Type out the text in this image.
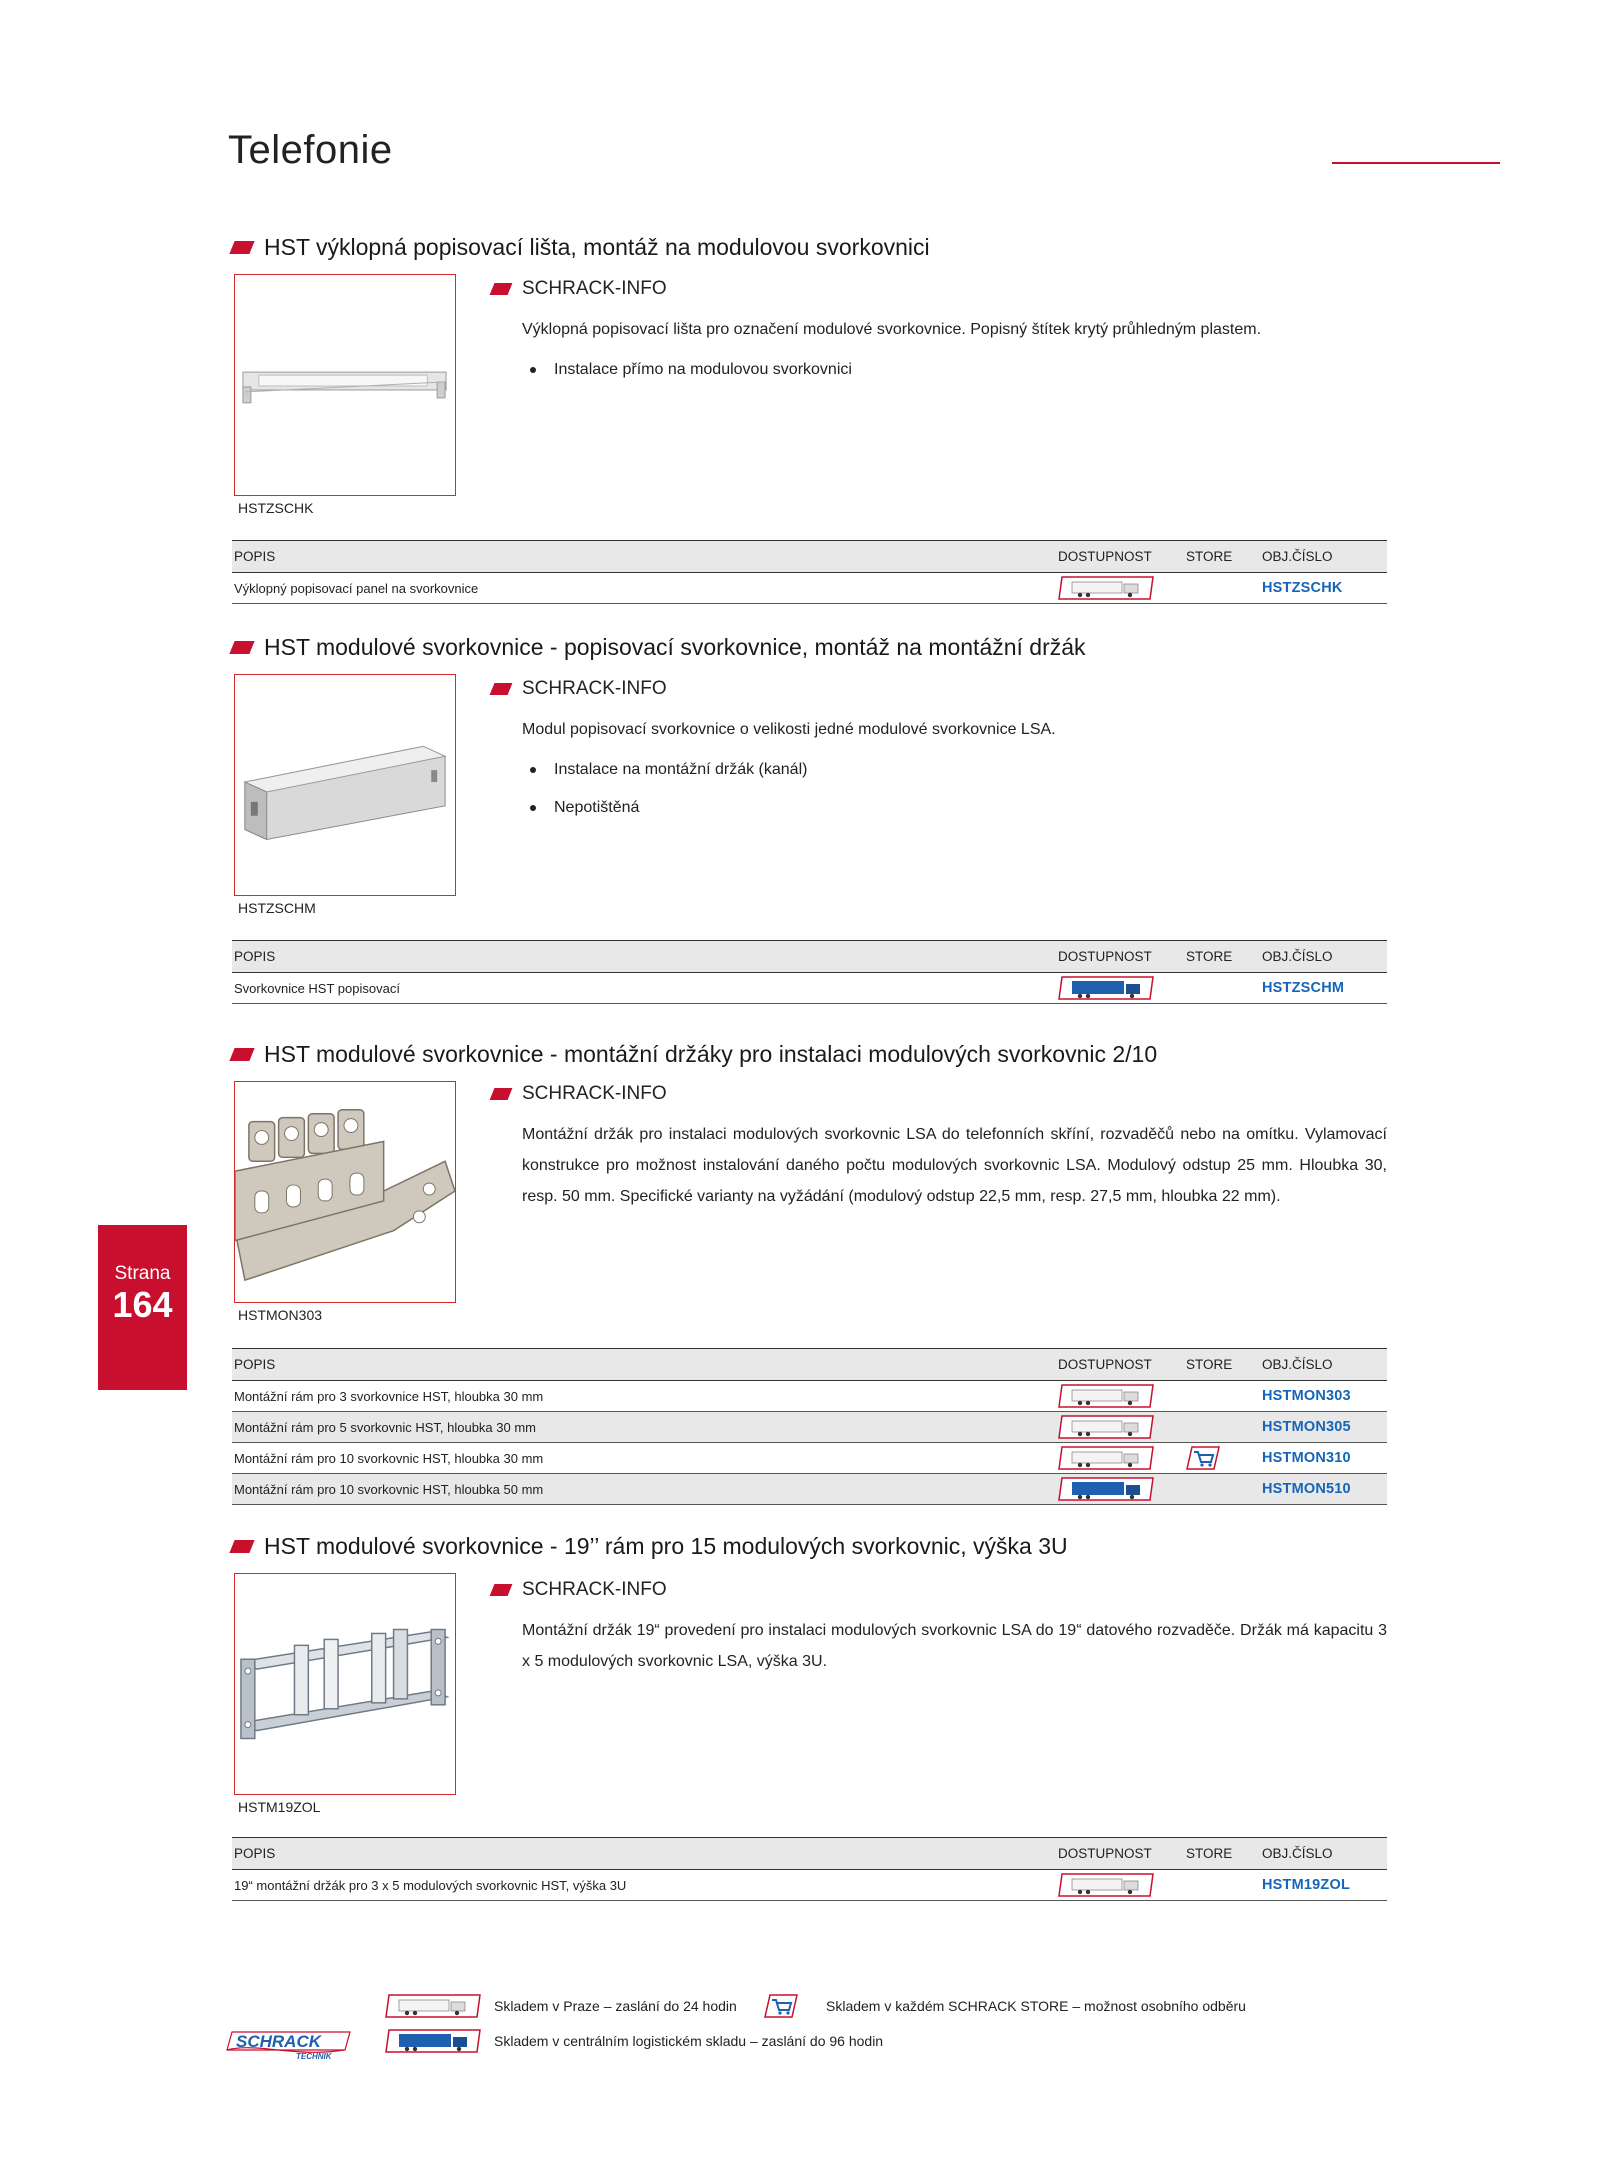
Telefonie
HST výklopná popisovací lišta, montáž na modulovou svorkovnici
HSTZSCHK
SCHRACK-INFO
Výklopná popisovací lišta pro označení modulové svorkovnice. Popisný štítek krytý průhledným plastem.
Instalace přímo na modulovou svorkovnici
POPIS	DOSTUPNOST	STORE	OBJ.ČÍSLO
Výklopný popisovací panel na svorkovnice			HSTZSCHK
HST modulové svorkovnice - popisovací svorkovnice, montáž na montážní držák
HSTZSCHM
SCHRACK-INFO
Modul popisovací svorkovnice o velikosti jedné modulové svorkovnice LSA.
Instalace na montážní držák (kanál)
Nepotištěná
POPIS	DOSTUPNOST	STORE	OBJ.ČÍSLO
Svorkovnice HST popisovací			HSTZSCHM
HST modulové svorkovnice - montážní držáky pro instalaci modulových svorkovnic 2/10
HSTMON303
SCHRACK-INFO
Montážní držák pro instalaci modulových svorkovnic LSA do telefonních skříní, rozvaděčů nebo na omítku. Vylamovací konstrukce pro možnost instalování daného počtu modulových svorkovnic LSA. Modulový odstup 25 mm. Hloubka 30, resp. 50 mm. Specifické varianty na vyžádání (modulový odstup 22,5 mm, resp. 27,5 mm, hloubka 22 mm).
POPIS	DOSTUPNOST	STORE	OBJ.ČÍSLO
Montážní rám pro 3 svorkovnice HST, hloubka 30 mm			HSTMON303
Montážní rám pro 5 svorkovnic HST, hloubka 30 mm			HSTMON305
Montážní rám pro 10 svorkovnic HST, hloubka 30 mm			HSTMON310
Montážní rám pro 10 svorkovnic HST, hloubka 50 mm			HSTMON510
HST modulové svorkovnice - 19’’ rám pro 15 modulových svorkovnic, výška 3U
HSTM19ZOL
SCHRACK-INFO
Montážní držák 19“ provedení pro instalaci modulových svorkovnic LSA do 19“ datového rozvaděče. Držák má kapacitu 3 x 5 modulových svorkovnic LSA, výška 3U.
POPIS	DOSTUPNOST	STORE	OBJ.ČÍSLO
19“ montážní držák pro 3 x 5 modulových svorkovnic HST, výška 3U			HSTM19ZOL
Strana
164
Skladem v Praze – zaslání do 24 hodin	Skladem v každém SCHRACK STORE – možnost osobního odběru
Skladem v centrálním logistickém skladu – zaslání do 96 hodin
SCHRACK
TECHNIK
